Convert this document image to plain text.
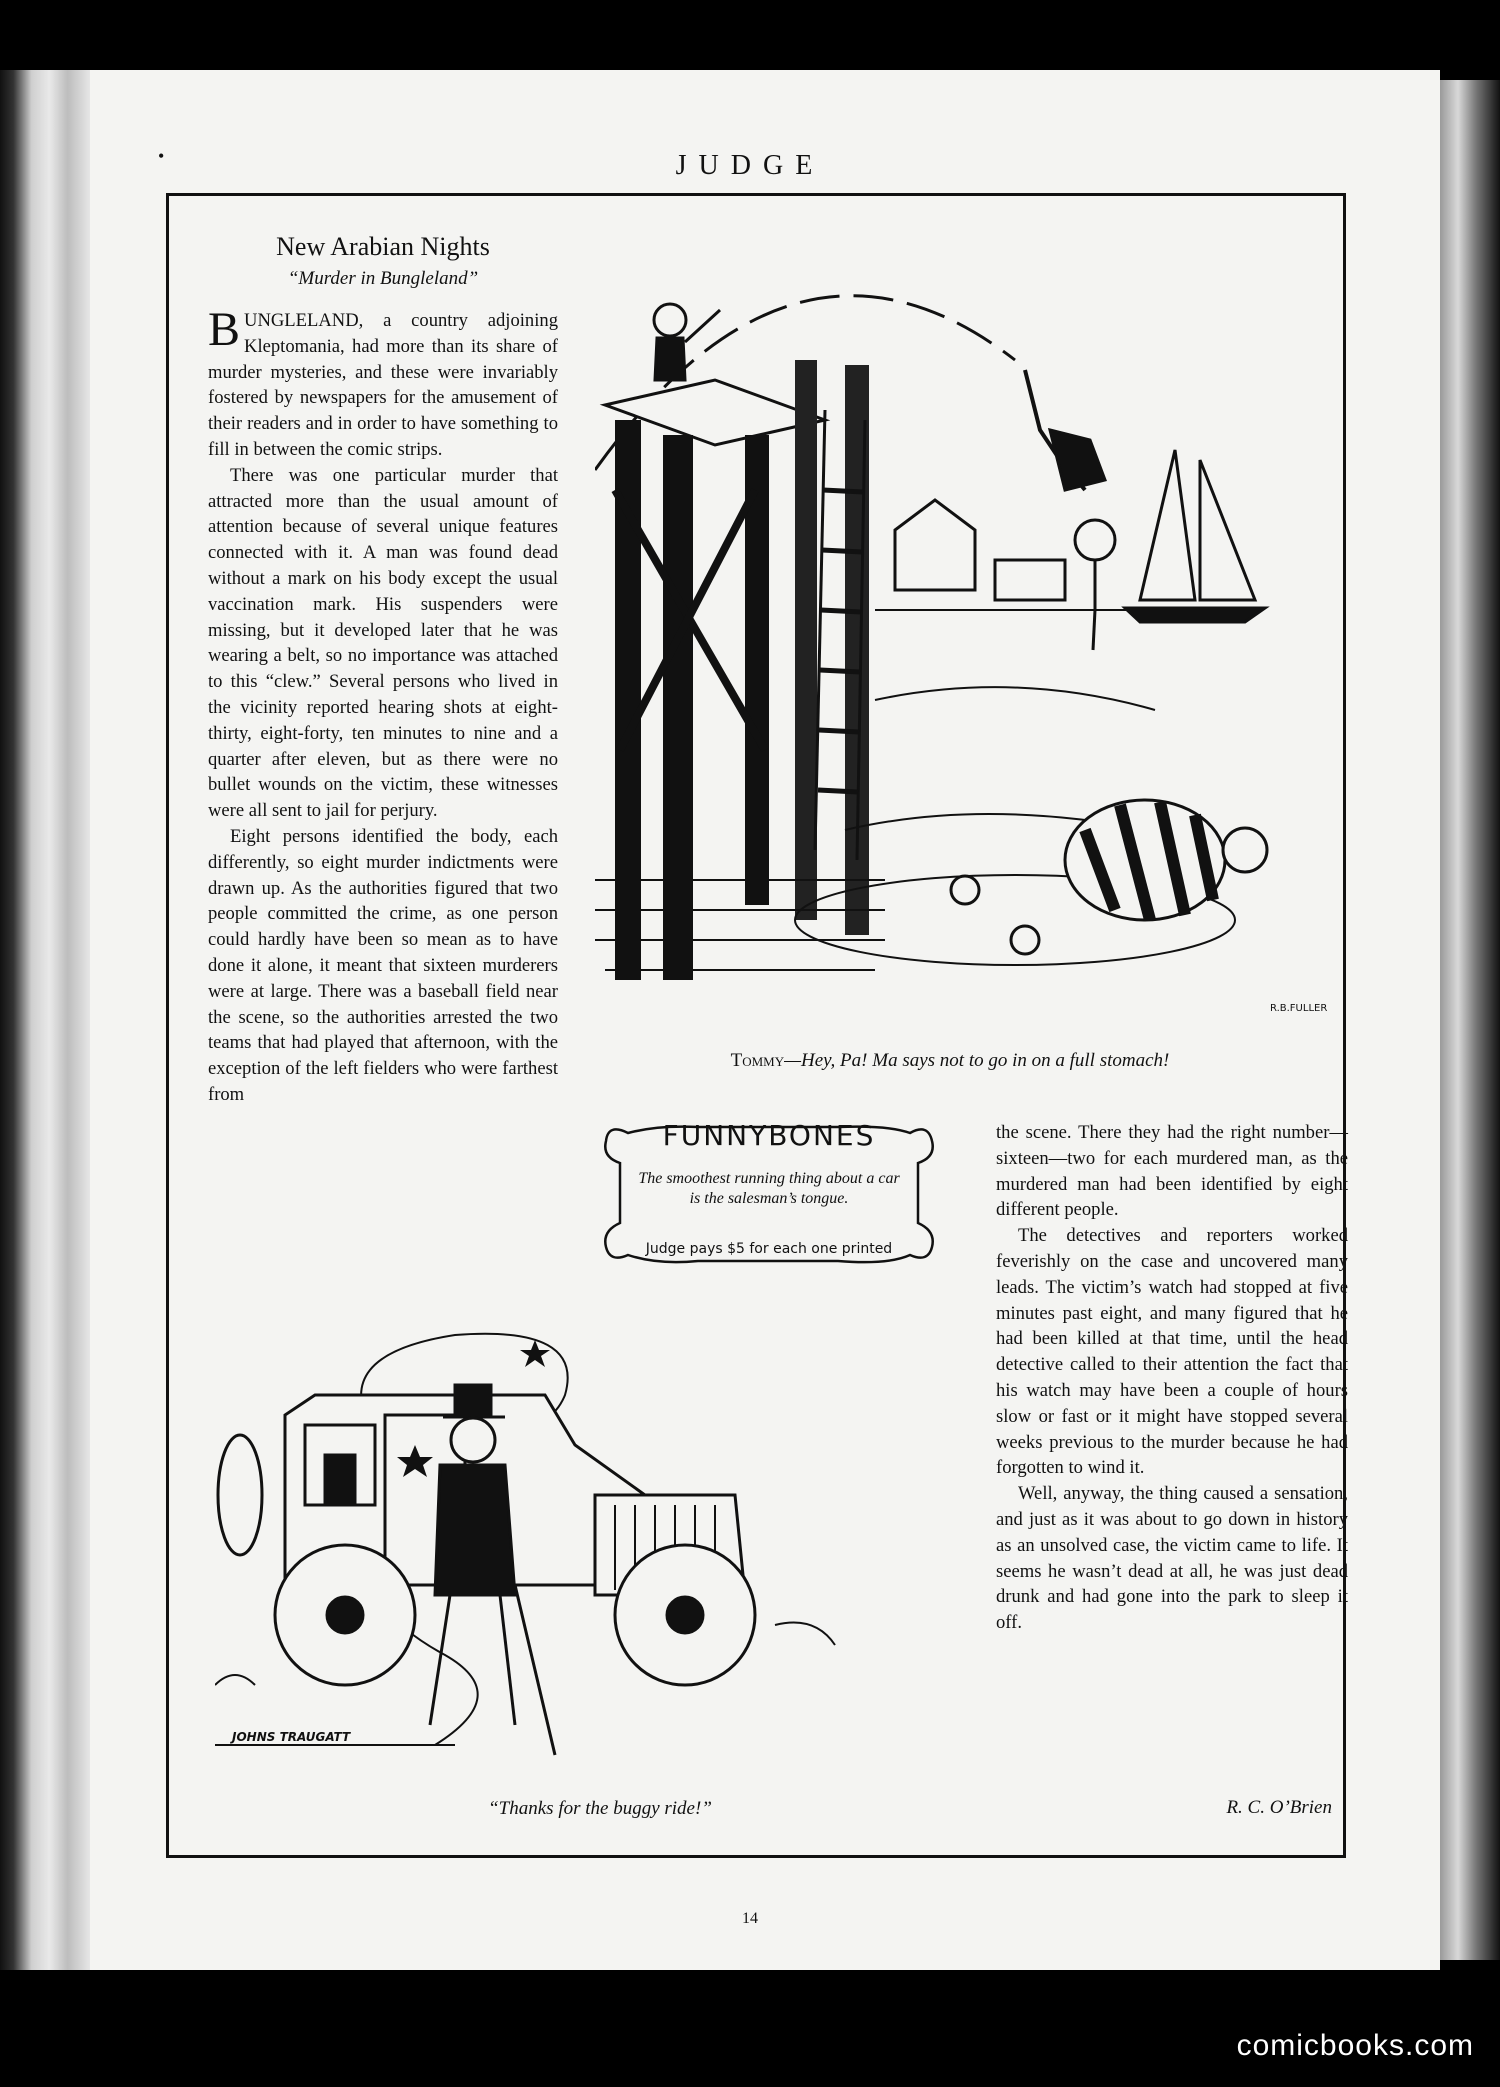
•	JUDGE
New Arabian Nights
“Murder in Bungleland”

BUNGLELAND, a country adjoining Kleptomania, had more than its share of murder mysteries, and these were invariably fostered by newspapers for the amusement of their readers and in order to have something to fill in between the comic strips.

There was one particular murder that attracted more than the usual amount of attention because of several unique features connected with it. A man was found dead without a mark on his body except the usual vaccination mark. His suspenders were missing, but it developed later that he was wearing a belt, so no importance was attached to this “clew.” Several persons who lived in the vicinity reported hearing shots at eight-thirty, eight-forty, ten minutes to nine and a quarter after eleven, but as there were no bullet wounds on the victim, these witnesses were all sent to jail for perjury.

Eight persons identified the body, each differently, so eight murder indictments were drawn up. As the authorities figured that two people committed the crime, as one person could hardly have been so mean as to have done it alone, it meant that sixteen murderers were at large. There was a baseball field near the scene, so the authorities arrested the two teams that had played that afternoon, with the exception of the left fielders who were farthest from

R.B.FULLER
Tommy—Hey, Pa! Ma says not to go in on a full stomach!
FUNNYBONES
The smoothest running thing about a car is the salesman’s tongue.
Judge pays $5 for each one printed
JOHNS TRAUGATT
“Thanks for the buggy ride!”

the scene. There they had the right number—sixteen—two for each murdered man, as the murdered man had been identified by eight different people.

The detectives and reporters worked feverishly on the case and uncovered many leads. The victim’s watch had stopped at five minutes past eight, and many figured that he had been killed at that time, until the head detective called to their attention the fact that his watch may have been a couple of hours slow or fast or it might have stopped several weeks previous to the murder because he had forgotten to wind it.

Well, anyway, the thing caused a sensation, and just as it was about to go down in history as an unsolved case, the victim came to life. It seems he wasn’t dead at all, he was just dead drunk and had gone into the park to sleep it off.

R. C. O’Brien
14
comicbooks.com
